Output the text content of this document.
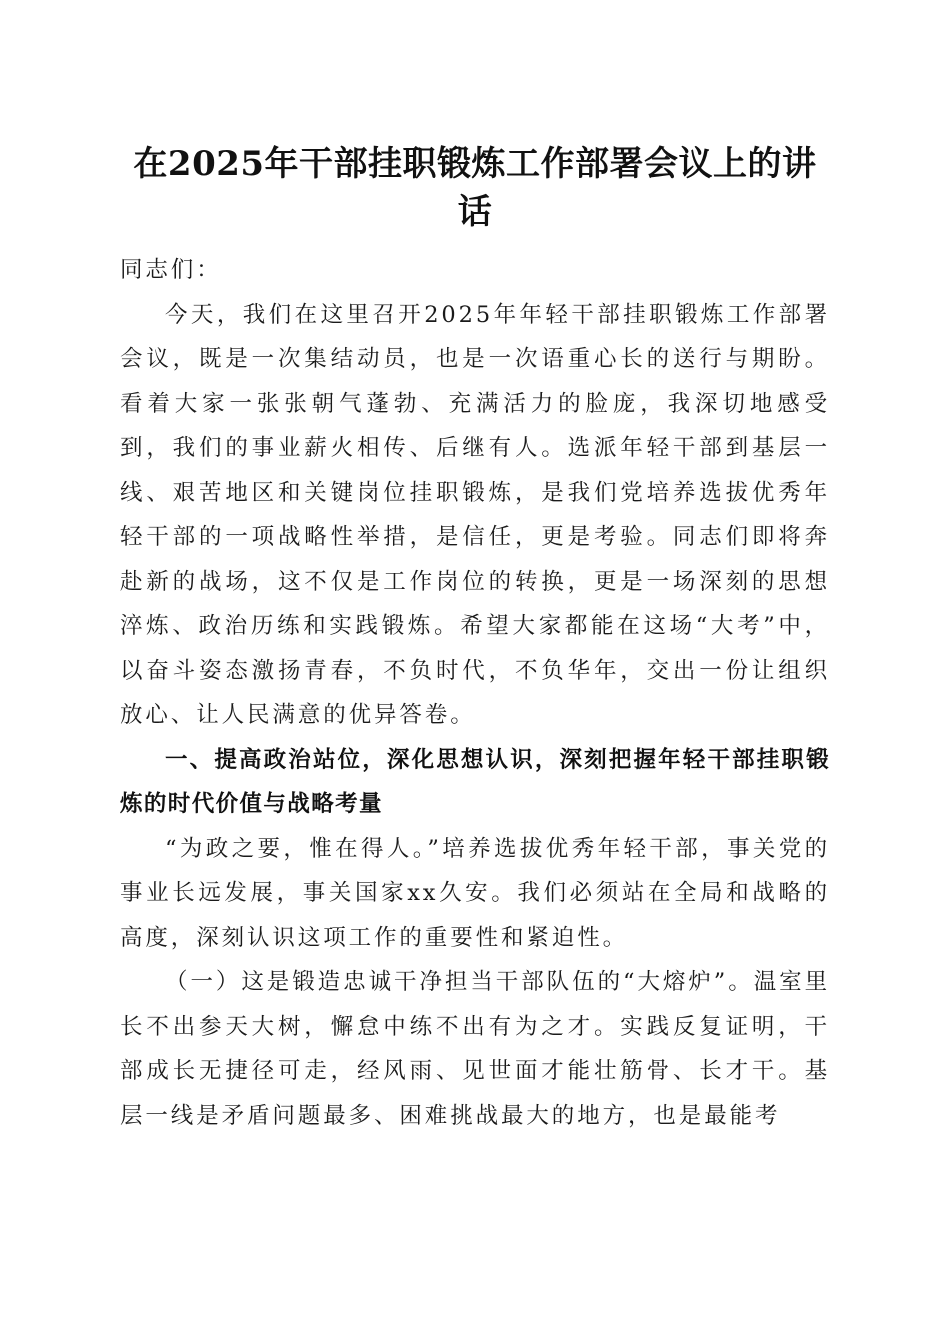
在2025年干部挂职锻炼工作部署会议上的讲话

同志们：

今天，我们在这里召开2025年年轻干部挂职锻炼工作部署会议，既是一次集结动员，也是一次语重心长的送行与期盼。看着大家一张张朝气蓬勃、充满活力的脸庞，我深切地感受到，我们的事业薪火相传、后继有人。选派年轻干部到基层一线、艰苦地区和关键岗位挂职锻炼，是我们党培养选拔优秀年轻干部的一项战略性举措，是信任，更是考验。同志们即将奔赴新的战场，这不仅是工作岗位的转换，更是一场深刻的思想淬炼、政治历练和实践锻炼。希望大家都能在这场“大考”中，以奋斗姿态激扬青春，不负时代，不负华年，交出一份让组织放心、让人民满意的优异答卷。

一、提高政治站位，深化思想认识，深刻把握年轻干部挂职锻炼的时代价值与战略考量

“为政之要，惟在得人。”培养选拔优秀年轻干部，事关党的事业长远发展，事关国家xx久安。我们必须站在全局和战略的高度，深刻认识这项工作的重要性和紧迫性。

（一）这是锻造忠诚干净担当干部队伍的“大熔炉”。温室里长不出参天大树，懈怠中练不出有为之才。实践反复证明，干部成长无捷径可走，经风雨、见世面才能壮筋骨、长才干。基层一线是矛盾问题最多、困难挑战最大的地方，也是最能考
